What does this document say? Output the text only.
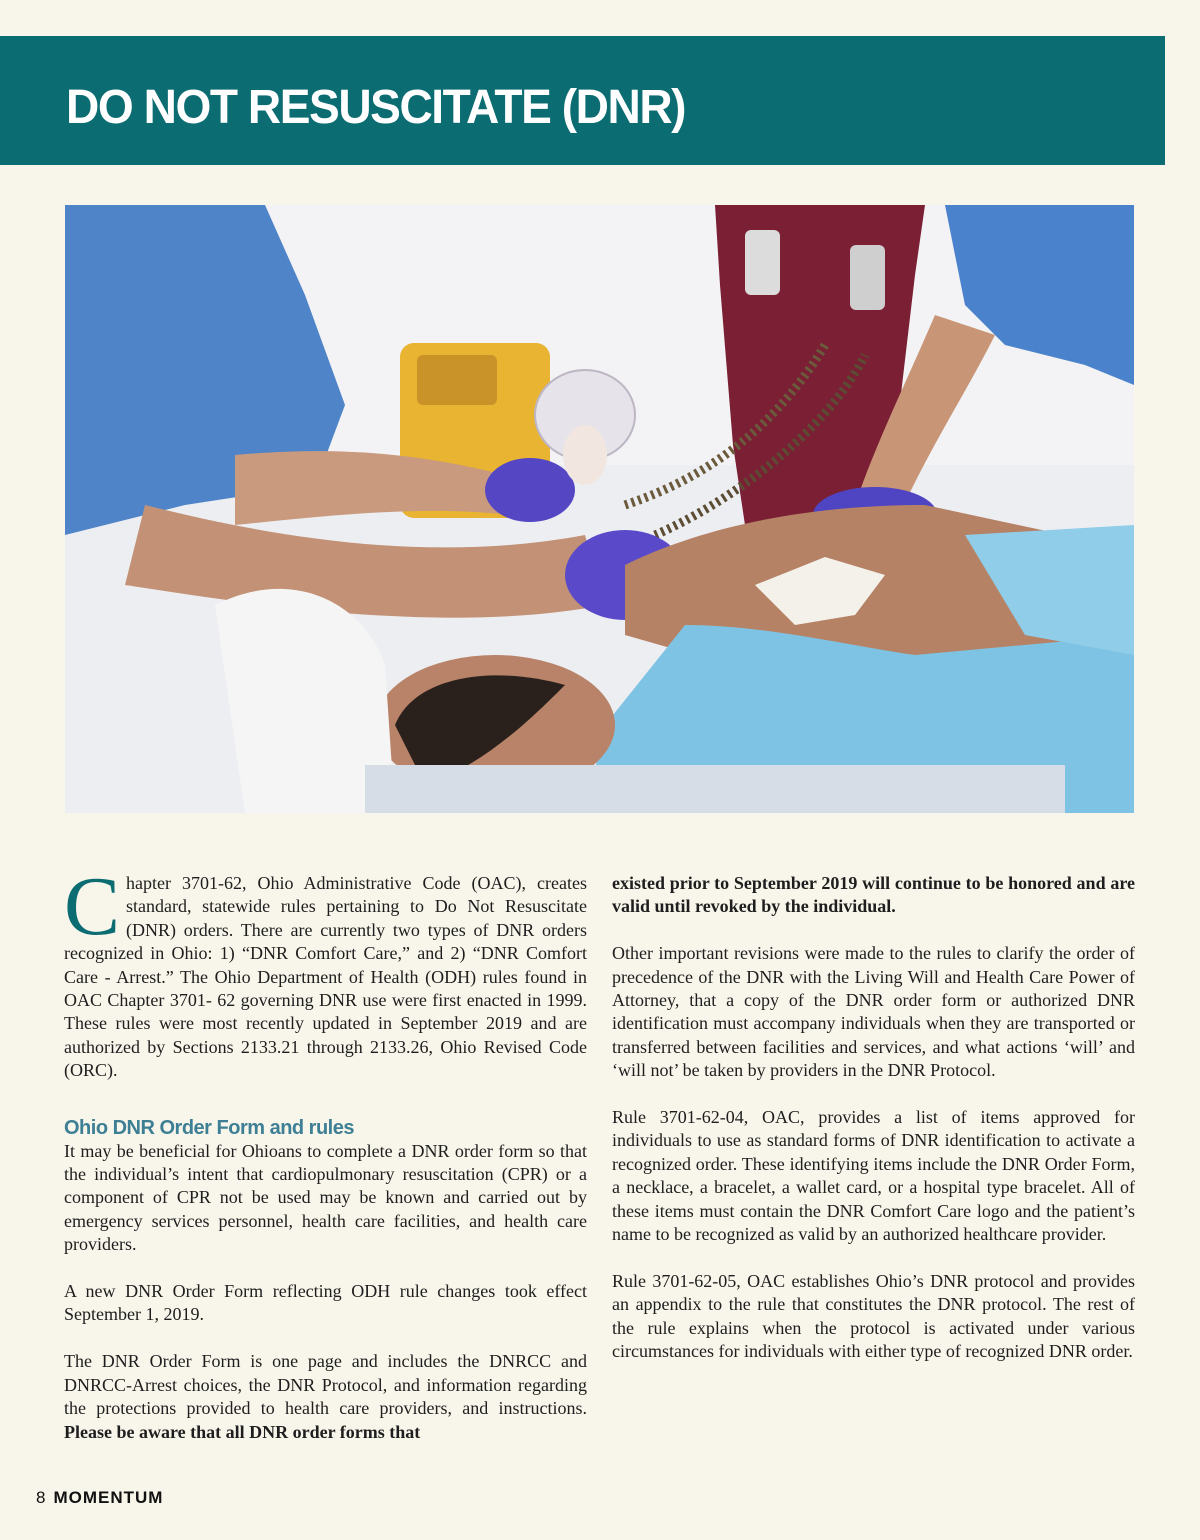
DO NOT RESUSCITATE (DNR)

Chapter 3701-62, Ohio Administrative Code (OAC), creates standard, statewide rules pertaining to Do Not Resuscitate (DNR) orders. There are currently two types of DNR orders recognized in Ohio: 1) “DNR Comfort Care,” and 2) “DNR Comfort Care - Arrest.” The Ohio Department of Health (ODH) rules found in OAC Chapter 3701- 62 governing DNR use were first enacted in 1999. These rules were most recently updated in September 2019 and are authorized by Sections 2133.21 through 2133.26, Ohio Revised Code (ORC).

Ohio DNR Order Form and rules

It may be beneficial for Ohioans to complete a DNR order form so that the individual’s intent that cardiopulmonary resuscitation (CPR) or a component of CPR not be used may be known and carried out by emergency services personnel, health care facilities, and health care providers.

A new DNR Order Form reflecting ODH rule changes took effect September 1, 2019.

The DNR Order Form is one page and includes the DNRCC and DNRCC-Arrest choices, the DNR Protocol, and information regarding the protections provided to health care providers, and instructions. Please be aware that all DNR order forms that

existed prior to September 2019 will continue to be honored and are valid until revoked by the individual.

Other important revisions were made to the rules to clarify the order of precedence of the DNR with the Living Will and Health Care Power of Attorney, that a copy of the DNR order form or authorized DNR identification must accompany individuals when they are transported or transferred between facilities and services, and what actions ‘will’ and ‘will not’ be taken by providers in the DNR Protocol.

Rule 3701-62-04, OAC, provides a list of items approved for individuals to use as standard forms of DNR identification to activate a recognized order. These identifying items include the DNR Order Form, a necklace, a bracelet, a wallet card, or a hospital type bracelet. All of these items must contain the DNR Comfort Care logo and the patient’s name to be recognized as valid by an authorized healthcare provider.

Rule 3701-62-05, OAC establishes Ohio’s DNR protocol and provides an appendix to the rule that constitutes the DNR protocol. The rest of the rule explains when the protocol is activated under various circumstances for individuals with either type of recognized DNR order.

8 MOMENTUM
